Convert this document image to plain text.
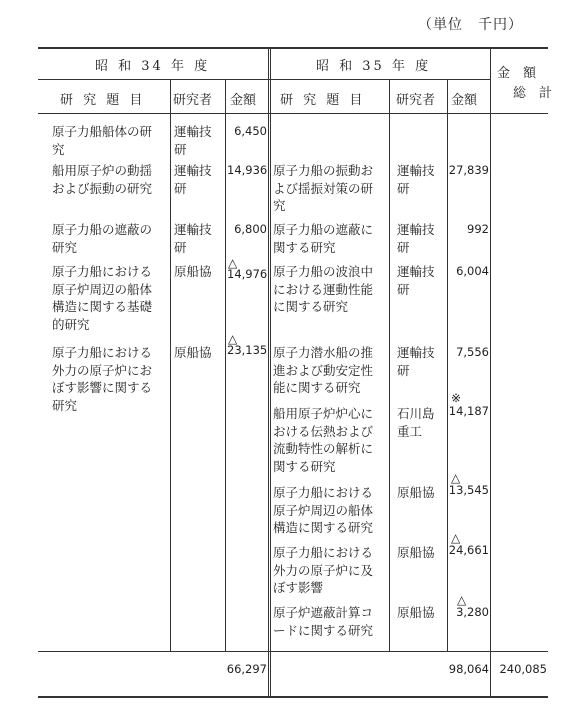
（単位　千円）
昭 和 34 年 度	昭 和 35 年 度
研 究 題 目 研究者 金額 研 究 題 目 研究者 金額
金　額
総　計
原子力船船体の研
究
運輸技
研
6,450
船用原子炉の動揺
および振動の研究
運輸技
研
14,936
原子力船の遮蔽の
研究
運輸技
研
6,800
原子力船における
原子炉周辺の船体
構造に関する基礎
的研究
原船協
△
14,976
原子力船における
外力の原子炉にお
ぼす影響に関する
研究
原船協
△
23,135
原子力船の振動お
よび揺振対策の研
究
運輸技
研
27,839
原子力船の遮蔽に
関する研究
運輸技
研
992
原子力船の波浪中
における運動性能
に関する研究
運輸技
研
6,004
原子力潜水船の推
進および動安定性
能に関する研究
運輸技
研
7,556
船用原子炉炉心に
おける伝熱および
流動特性の解析に
関する研究
石川島
重工
※
14,187
原子力船における
原子炉周辺の船体
構造に関する研究
原船協
△
13,545
原子力船における
外力の原子炉に及
ぼす影響
原船協
△
24,661
原子炉遮蔽計算コ
ードに関する研究
原船協
△
3,280
66,297	98,064 240,085
